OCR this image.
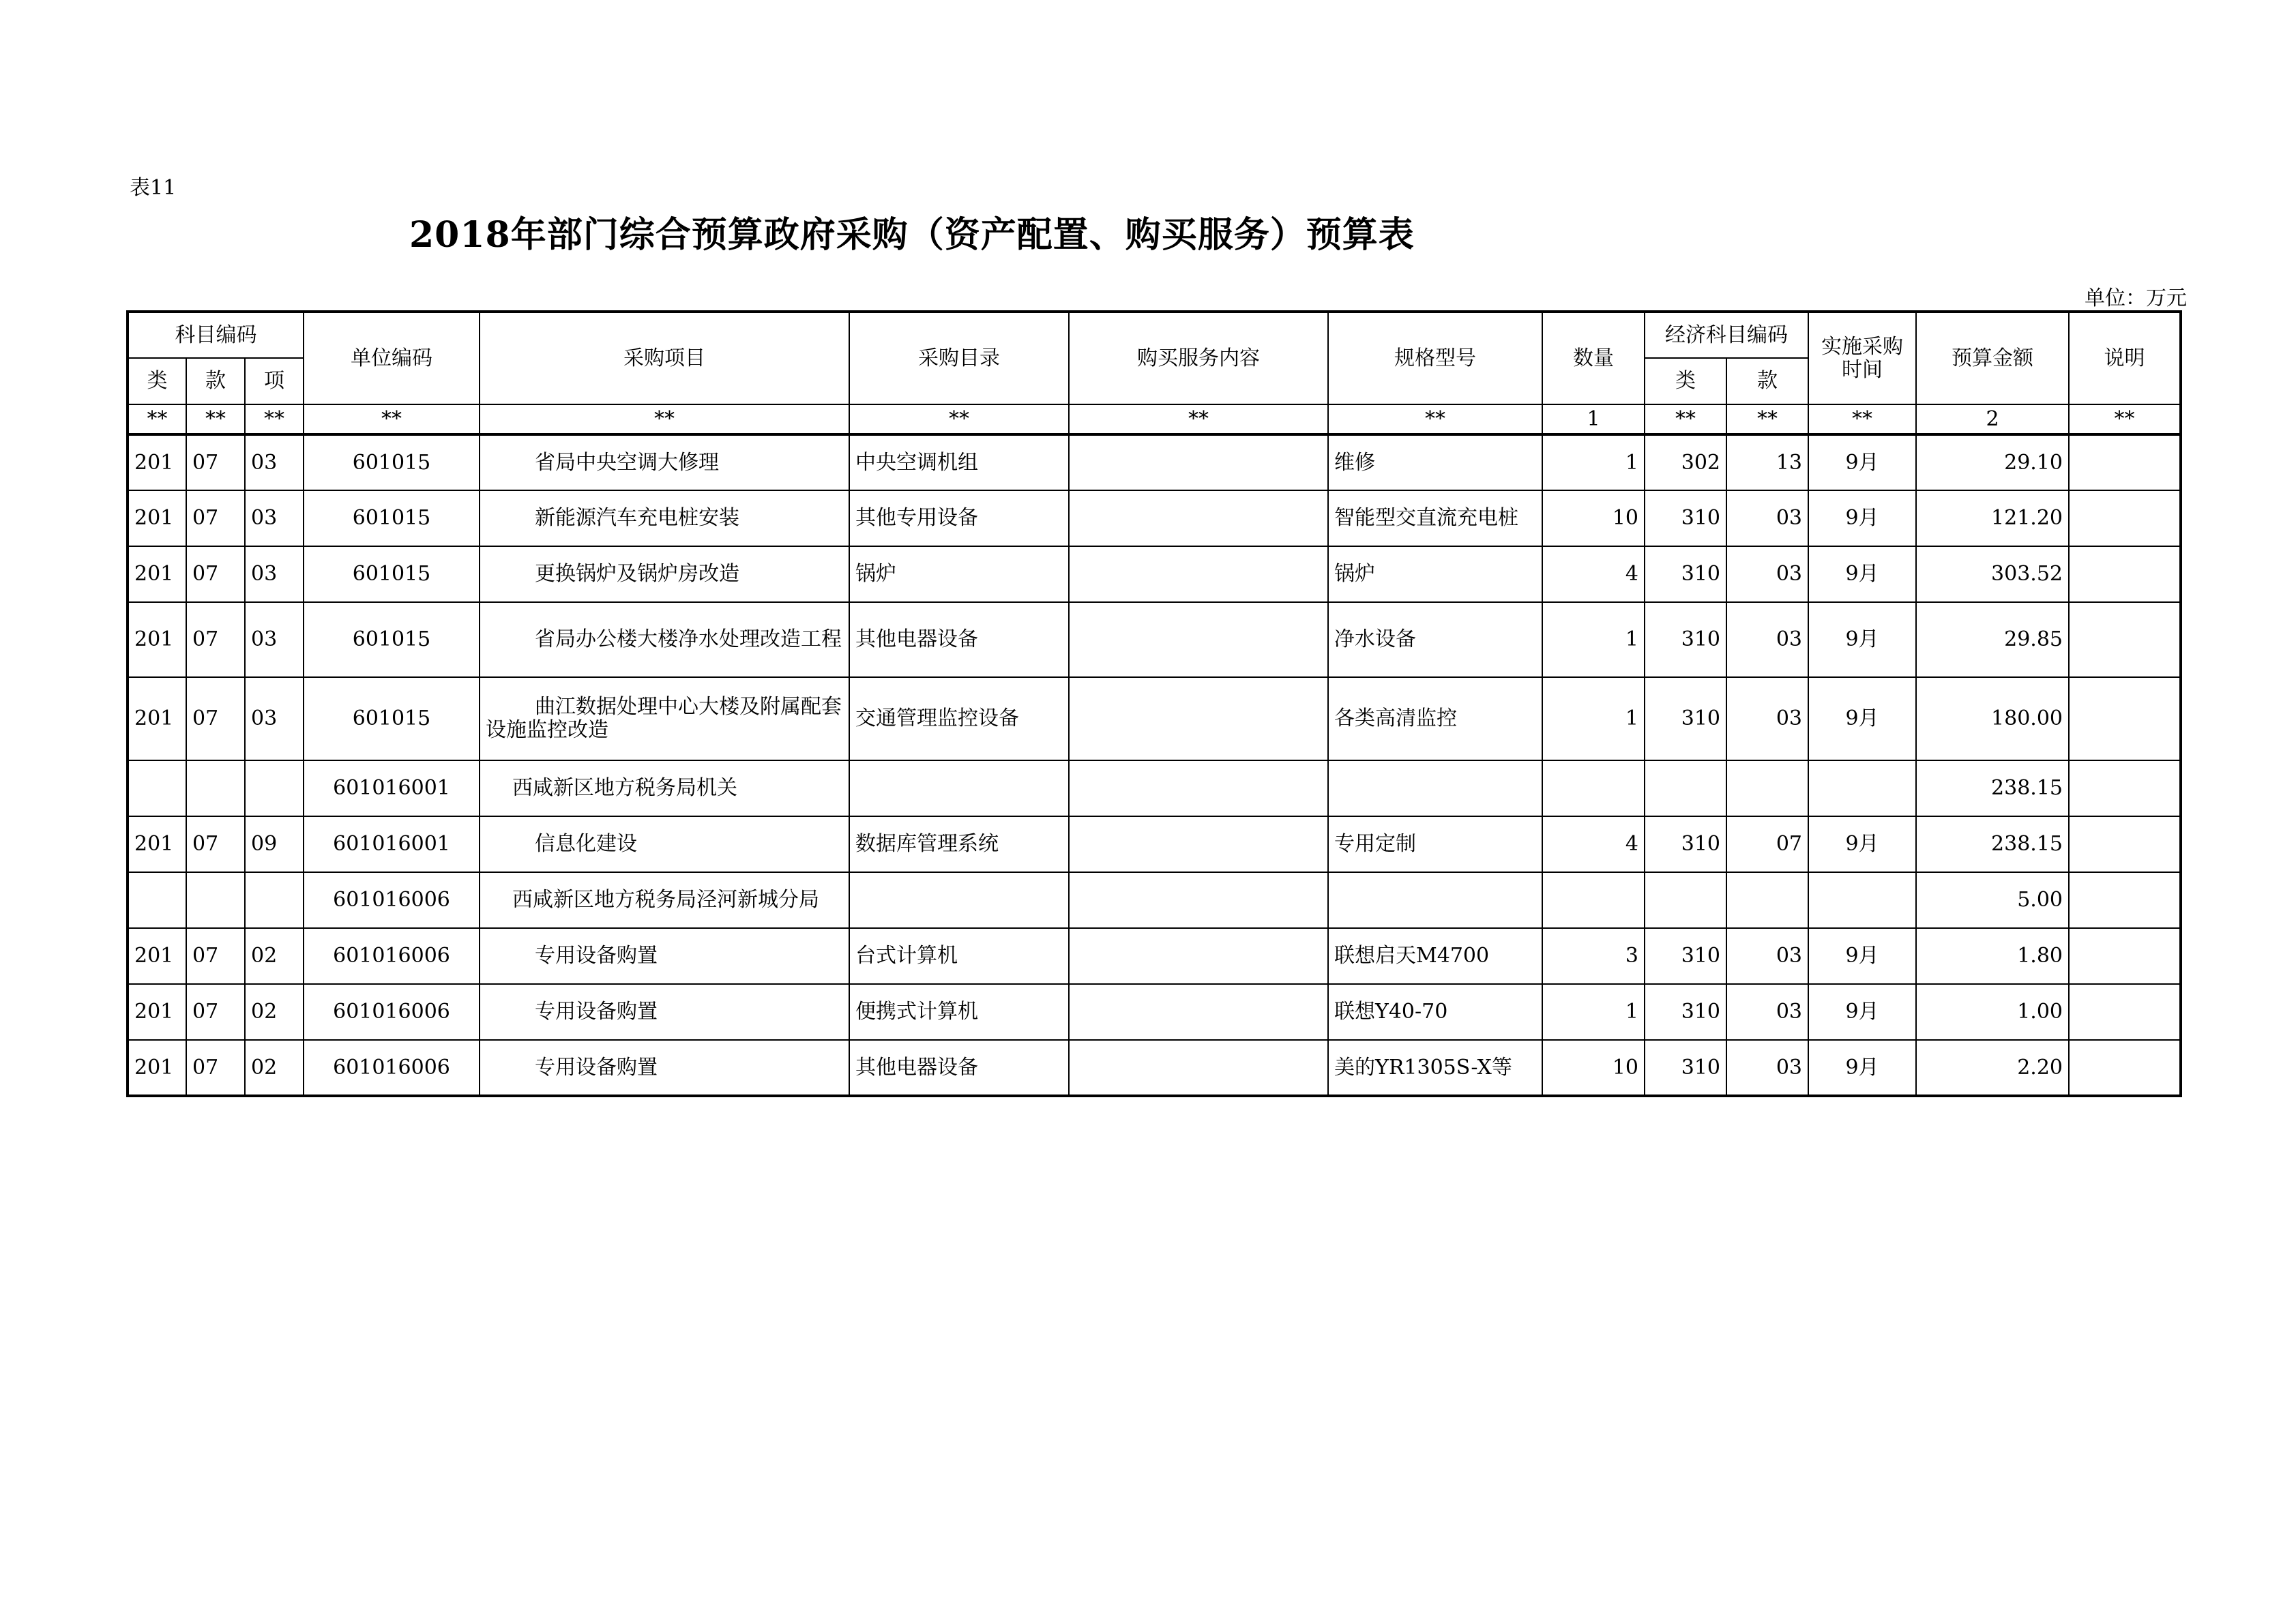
表11
2018年部门综合预算政府采购（资产配置、购买服务）预算表
单位：万元
科目编码			单位编码	采购项目	采购目录	购买服务内容	规格型号	数量	经济科目编码		实施采购时间	预算金额	说明
类	款	项							类	款			
**	**	**	**	**	**	**	**	1	**	**	**	2	**
201	07	03	601015	省局中央空调大修理	中央空调机组		维修	1	302	13	9月	29.10	
201	07	03	601015	新能源汽车充电桩安装	其他专用设备		智能型交直流充电桩	10	310	03	9月	121.20	
201	07	03	601015	更换锅炉及锅炉房改造	锅炉		锅炉	4	310	03	9月	303.52	
201	07	03	601015	省局办公楼大楼净水处理改造工程	其他电器设备		净水设备	1	310	03	9月	29.85	
201	07	03	601015	曲江数据处理中心大楼及附属配套设施监控改造	交通管理监控设备		各类高清监控	1	310	03	9月	180.00	
			601016001	西咸新区地方税务局机关								238.15	
201	07	09	601016001	信息化建设	数据库管理系统		专用定制	4	310	07	9月	238.15	
			601016006	西咸新区地方税务局泾河新城分局								5.00	
201	07	02	601016006	专用设备购置	台式计算机		联想启天M4700	3	310	03	9月	1.80	
201	07	02	601016006	专用设备购置	便携式计算机		联想Y40-70	1	310	03	9月	1.00	
201	07	02	601016006	专用设备购置	其他电器设备		美的YR1305S-X等	10	310	03	9月	2.20	
